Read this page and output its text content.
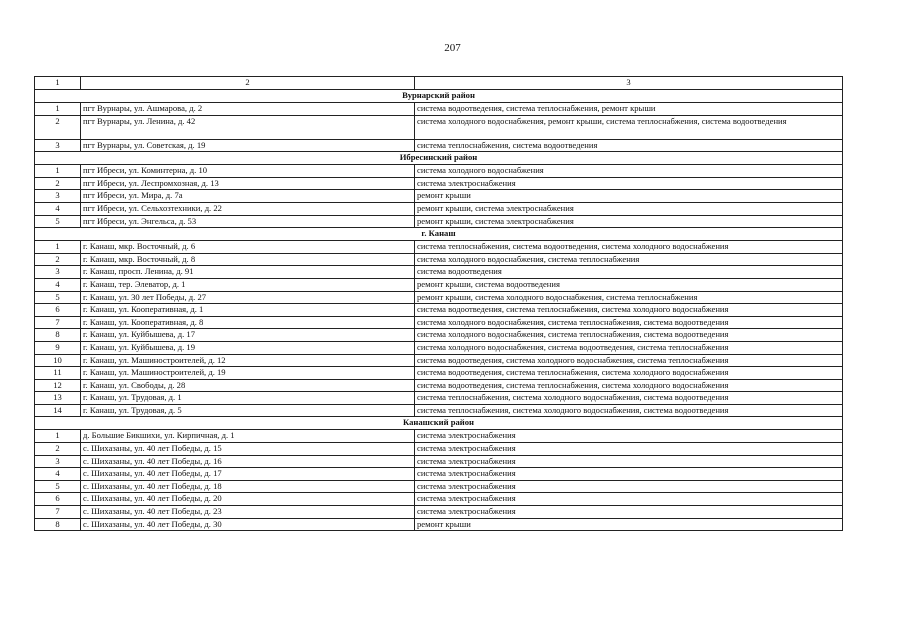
207
1	2	3
Вурнарский район		
1	пгт Вурнары, ул. Ашмарова, д. 2	система водоотведения, система теплоснабжения, ремонт крыши
2	пгт Вурнары, ул. Ленина, д. 42	система холодного водоснабжения, ремонт крыши, система теплоснабжения, система водоотведения
3	пгт Вурнары, ул. Советская, д. 19	система теплоснабжения, система водоотведения
Ибресинский район		
1	пгт Ибреси, ул. Коминтерна, д. 10	система холодного водоснабжения
2	пгт Ибреси, ул. Леспромхозная, д. 13	система электроснабжения
3	пгт Ибреси, ул. Мира, д. 7а	ремонт крыши
4	пгт Ибреси, ул. Сельхозтехники, д. 22	ремонт крыши, система электроснабжения
5	пгт Ибреси, ул. Энгельса, д. 53	ремонт крыши, система электроснабжения
г. Канаш		
1	г. Канаш, мкр. Восточный, д. 6	система теплоснабжения, система водоотведения, система холодного водоснабжения
2	г. Канаш, мкр. Восточный, д. 8	система холодного водоснабжения, система теплоснабжения
3	г. Канаш, просп. Ленина, д. 91	система водоотведения
4	г. Канаш, тер. Элеватор, д. 1	ремонт крыши, система водоотведения
5	г. Канаш, ул. 30 лет Победы, д. 27	ремонт крыши, система холодного водоснабжения, система теплоснабжения
6	г. Канаш, ул. Кооперативная, д. 1	система водоотведения, система теплоснабжения, система холодного водоснабжения
7	г. Канаш, ул. Кооперативная, д. 8	система холодного водоснабжения, система теплоснабжения, система водоотведения
8	г. Канаш, ул. Куйбышева, д. 17	система холодного водоснабжения, система теплоснабжения, система водоотведения
9	г. Канаш, ул. Куйбышева, д. 19	система холодного водоснабжения, система водоотведения, система теплоснабжения
10	г. Канаш, ул. Машиностроителей, д. 12	система водоотведения, система холодного водоснабжения, система теплоснабжения
11	г. Канаш, ул. Машиностроителей, д. 19	система водоотведения, система теплоснабжения, система холодного водоснабжения
12	г. Канаш, ул. Свободы, д. 28	система водоотведения, система теплоснабжения, система холодного водоснабжения
13	г. Канаш, ул. Трудовая, д. 1	система теплоснабжения, система холодного водоснабжения, система водоотведения
14	г. Канаш, ул. Трудовая, д. 5	система теплоснабжения, система холодного водоснабжения, система водоотведения
Канашский район		
1	д. Большие Бикшихи, ул. Кирпичная, д. 1	система электроснабжения
2	с. Шихазаны, ул. 40 лет Победы, д. 15	система электроснабжения
3	с. Шихазаны, ул. 40 лет Победы, д. 16	система электроснабжения
4	с. Шихазаны, ул. 40 лет Победы, д. 17	система электроснабжения
5	с. Шихазаны, ул. 40 лет Победы, д. 18	система электроснабжения
6	с. Шихазаны, ул. 40 лет Победы, д. 20	система электроснабжения
7	с. Шихазаны, ул. 40 лет Победы, д. 23	система электроснабжения
8	с. Шихазаны, ул. 40 лет Победы, д. 30	ремонт крыши
